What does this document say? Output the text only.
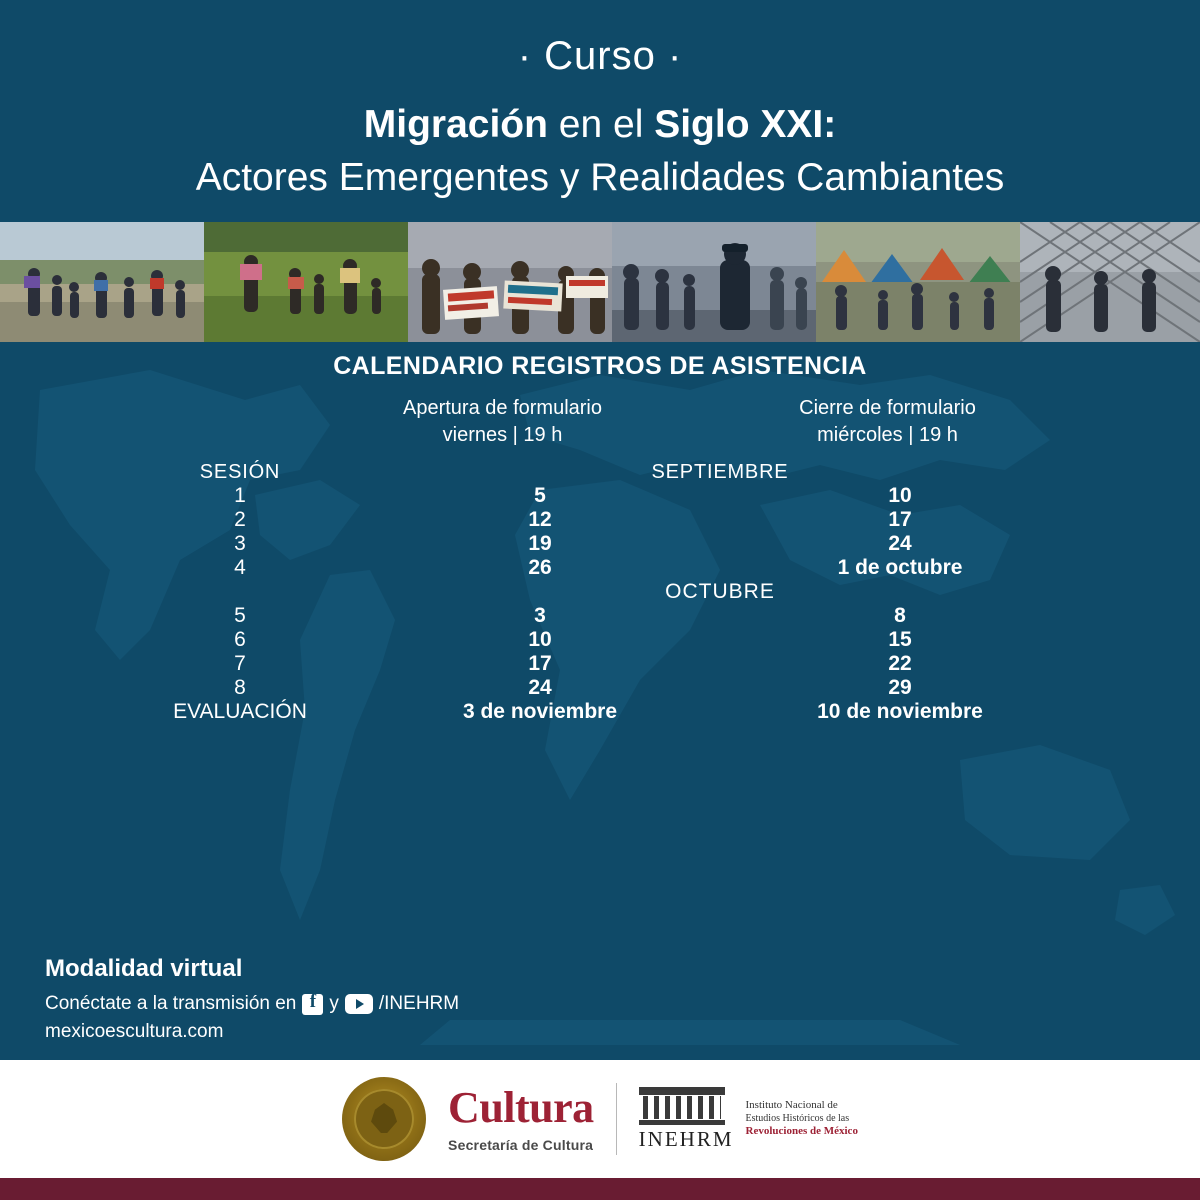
· Curso ·
Migración en el Siglo XXI:
Actores Emergentes y Realidades Cambiantes
CALENDARIO REGISTROS DE ASISTENCIA
Apertura de formulario
viernes | 19 h
Cierre de formulario
miércoles | 19 h
SESIÓN	SEPTIEMBRE	
1	5	10
2	12	17
3	19	24
4	26	1 de octubre
	OCTUBRE	
5	3	8
6	10	15
7	17	22
8	24	29
EVALUACIÓN	3 de noviembre	10 de noviembre
Modalidad virtual
Conéctate a la transmisión en f y /INEHRM
mexicoescultura.com
Cultura
Secretaría de Cultura INEHRM
Instituto Nacional de
Estudios Históricos de las
Revoluciones de México
